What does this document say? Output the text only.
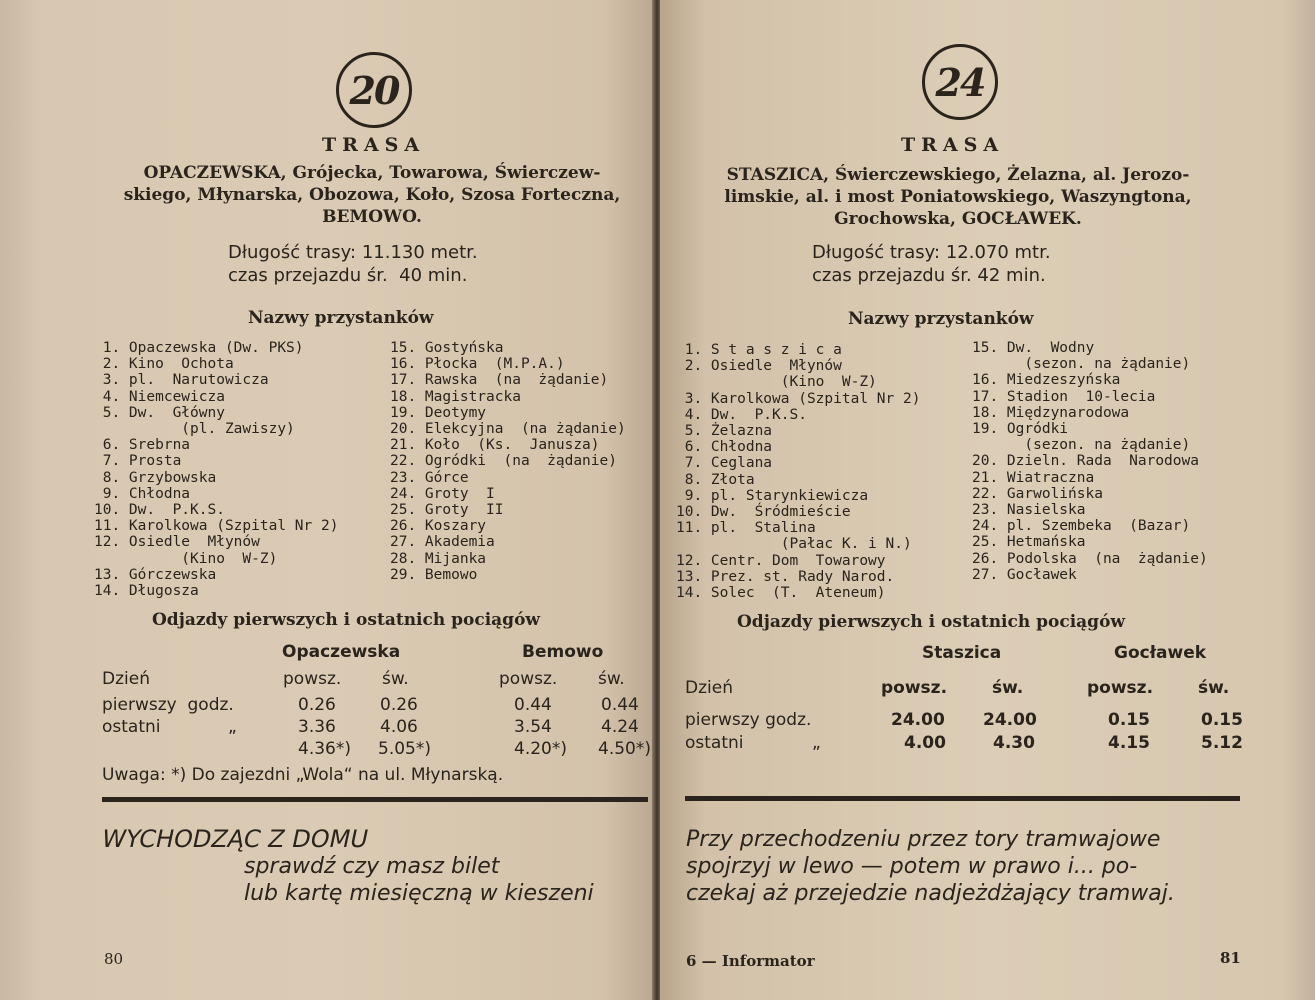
20
TRASA
OPACZEWSKA, Grójecka, Towarowa, Świerczew-
skiego, Młynarska, Obozowa, Koło, Szosa Forteczna,
BEMOWO.
Długość trasy: 11.130 metr.
czas przejazdu śr.  40 min.
Nazwy przystanków
1. Opaczewska (Dw. PKS)
2. Kino  Ochota
3. pl.  Narutowicza
4. Niemcewicza
5. Dw.  Główny
(pl. Zawiszy)
6. Srebrna
7. Prosta
8. Grzybowska
9. Chłodna
10. Dw.  P.K.S.
11. Karolkowa (Szpital Nr 2)
12. Osiedle  Młynów
(Kino  W-Z)
13. Górczewska
14. Długosza
15. Gostyńska
16. Płocka  (M.P.A.)
17. Rawska  (na  żądanie)
18. Magistracka
19. Deotymy
20. Elekcyjna  (na żądanie)
21. Koło  (Ks.  Janusza)
22. Ogródki  (na  żądanie)
23. Górce
24. Groty  I
25. Groty  II
26. Koszary
27. Akademia
28. Mijanka
29. Bemowo
Odjazdy pierwszych i ostatnich pociągów
Opaczewska	Bemowo
Dzień	powsz. św.	powsz. św.
pierwszy  godz.	0.26	0.26	0.44	0.44
ostatni	„	3.36	4.06	3.54	4.24
4.36*) 5.05*)	4.20*) 4.50*)
Uwaga: *) Do zajezdni „Wola“ na ul. Młynarską.
WYCHODZĄC Z DOMU
sprawdź czy masz bilet
lub kartę miesięczną w kieszeni
80
24
TRASA
STASZICA, Świerczewskiego, Żelazna, al. Jerozo-
limskie, al. i most Poniatowskiego, Waszyngtona,
Grochowska, GOCŁAWEK.
Długość trasy: 12.070 mtr.
czas przejazdu śr. 42 min.
Nazwy przystanków
1. S t a s z i c a
2. Osiedle  Młynów
(Kino  W-Z)
3. Karolkowa (Szpital Nr 2)
4. Dw.  P.K.S.
5. Żelazna
6. Chłodna
7. Ceglana
8. Złota
9. pl. Starynkiewicza
10. Dw.  Śródmieście
11. pl.  Stalina
(Pałac K. i N.)
12. Centr. Dom  Towarowy
13. Prez. st. Rady Narod.
14. Solec  (T.  Ateneum)
15. Dw.  Wodny
(sezon. na żądanie)
16. Miedzeszyńska
17. Stadion  10-lecia
18. Międzynarodowa
19. Ogródki
(sezon. na żądanie)
20. Dzieln. Rada  Narodowa
21. Wiatraczna
22. Garwolińska
23. Nasielska
24. pl. Szembeka  (Bazar)
25. Hetmańska
26. Podolska  (na  żądanie)
27. Gocławek
Odjazdy pierwszych i ostatnich pociągów
Staszica	Gocławek
Dzień	powsz.	św.	powsz.	św.
pierwszy godz.	24.00 24.00	0.15	0.15
ostatni	„	4.00	4.30	4.15	5.12
Przy przechodzeniu przez tory tramwajowe
spojrzyj w lewo — potem w prawo i... po-
czekaj aż przejedzie nadjeżdżający tramwaj.
6 — Informator	81
